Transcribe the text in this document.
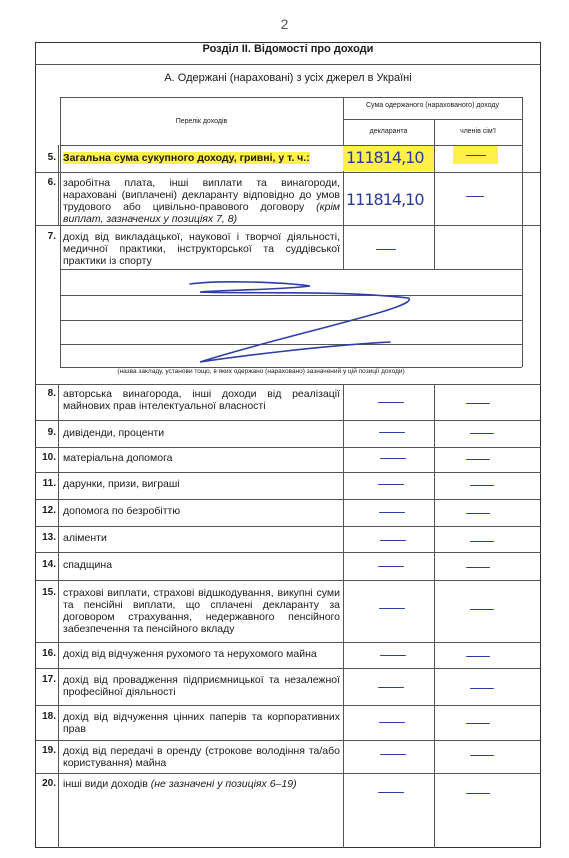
2
Розділ ІІ. Відомості про доходи
А. Одержані (нараховані) з усіх джерел в Україні
Перелік доходів
Сума одержаного (нарахованого) доходу
декларанта	членів сім'ї
5. Загальна сума сукупного доходу, гривні, у т. ч.:	111814,10
6. заробітна плата, інші виплати та винагороди, нараховані (виплачені) декларанту відповідно до умов трудового або цивільно-правового договору (крім виплат, зазначених у позиціях 7, 8)
111814,10
7. дохід від викладацької, наукової і творчої діяльності, медичної практики, інструкторської та суддівської практики із спорту
(назва закладу, установи тощо, в яких одержано (нараховано) зазначений у цій позиції доходи)
8. авторська винагорода, інші доходи від реалізації майнових прав інтелектуальної власності
9. дивіденди, проценти
10. матеріальна допомога
11. дарунки, призи, виграші
12. допомога по безробіттю
13. аліменти
14. спадщина
15. страхові виплати, страхові відшкодування, викупні суми та пенсійні виплати, що сплачені декларанту за договором страхування, недержавного пенсійного забезпечення та пенсійного вкладу
16. дохід від відчуження рухомого та нерухомого майна
17. дохід від провадження підприємницької та незалежної професійної діяльності
18. дохід від відчуження цінних паперів та корпоративних прав
19. дохід від передачі в оренду (строкове володіння та/або користування) майна
20. інші види доходів (не зазначені у позиціях 6–19)
